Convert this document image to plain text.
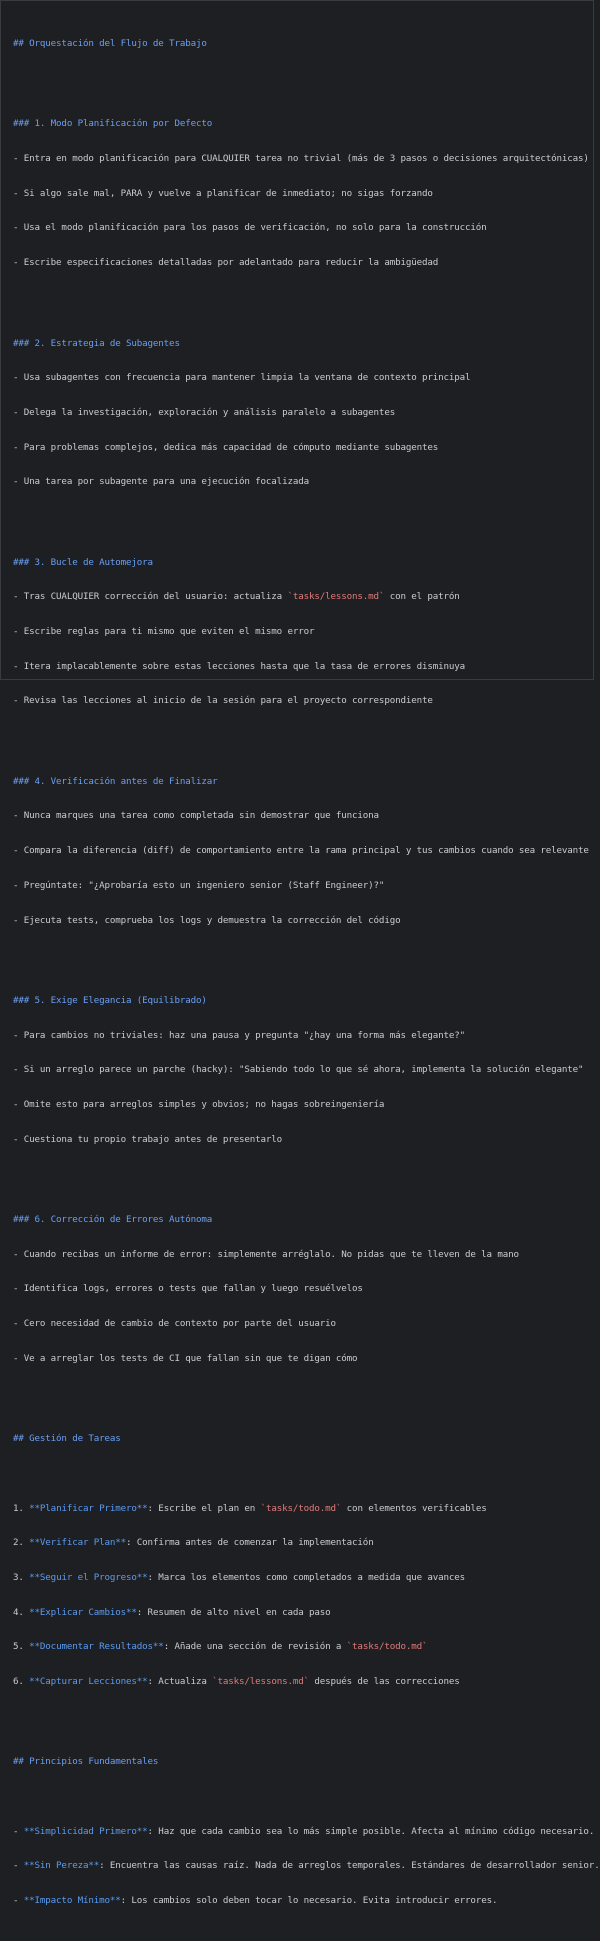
## Orquestación del Flujo de Trabajo

### 1. Modo Planificación por Defecto

- Entra en modo planificación para CUALQUIER tarea no trivial (más de 3 pasos o decisiones arquitectónicas)

- Si algo sale mal, PARA y vuelve a planificar de inmediato; no sigas forzando

- Usa el modo planificación para los pasos de verificación, no solo para la construcción

- Escribe especificaciones detalladas por adelantado para reducir la ambigüedad

### 2. Estrategia de Subagentes

- Usa subagentes con frecuencia para mantener limpia la ventana de contexto principal

- Delega la investigación, exploración y análisis paralelo a subagentes

- Para problemas complejos, dedica más capacidad de cómputo mediante subagentes

- Una tarea por subagente para una ejecución focalizada

### 3. Bucle de Automejora

- Tras CUALQUIER corrección del usuario: actualiza `tasks/lessons.md` con el patrón

- Escribe reglas para ti mismo que eviten el mismo error

- Itera implacablemente sobre estas lecciones hasta que la tasa de errores disminuya

- Revisa las lecciones al inicio de la sesión para el proyecto correspondiente

### 4. Verificación antes de Finalizar

- Nunca marques una tarea como completada sin demostrar que funciona

- Compara la diferencia (diff) de comportamiento entre la rama principal y tus cambios cuando sea relevante

- Pregúntate: "¿Aprobaría esto un ingeniero senior (Staff Engineer)?"

- Ejecuta tests, comprueba los logs y demuestra la corrección del código

### 5. Exige Elegancia (Equilibrado)

- Para cambios no triviales: haz una pausa y pregunta "¿hay una forma más elegante?"

- Si un arreglo parece un parche (hacky): "Sabiendo todo lo que sé ahora, implementa la solución elegante"

- Omite esto para arreglos simples y obvios; no hagas sobreingeniería

- Cuestiona tu propio trabajo antes de presentarlo

### 6. Corrección de Errores Autónoma

- Cuando recibas un informe de error: simplemente arréglalo. No pidas que te lleven de la mano

- Identifica logs, errores o tests que fallan y luego resuélvelos

- Cero necesidad de cambio de contexto por parte del usuario

- Ve a arreglar los tests de CI que fallan sin que te digan cómo

## Gestión de Tareas

1. **Planificar Primero**: Escribe el plan en `tasks/todo.md` con elementos verificables

2. **Verificar Plan**: Confirma antes de comenzar la implementación

3. **Seguir el Progreso**: Marca los elementos como completados a medida que avances

4. **Explicar Cambios**: Resumen de alto nivel en cada paso

5. **Documentar Resultados**: Añade una sección de revisión a `tasks/todo.md`

6. **Capturar Lecciones**: Actualiza `tasks/lessons.md` después de las correcciones

## Principios Fundamentales

- **Simplicidad Primero**: Haz que cada cambio sea lo más simple posible. Afecta al mínimo código necesario.

- **Sin Pereza**: Encuentra las causas raíz. Nada de arreglos temporales. Estándares de desarrollador senior.

- **Impacto Mínimo**: Los cambios solo deben tocar lo necesario. Evita introducir errores.
